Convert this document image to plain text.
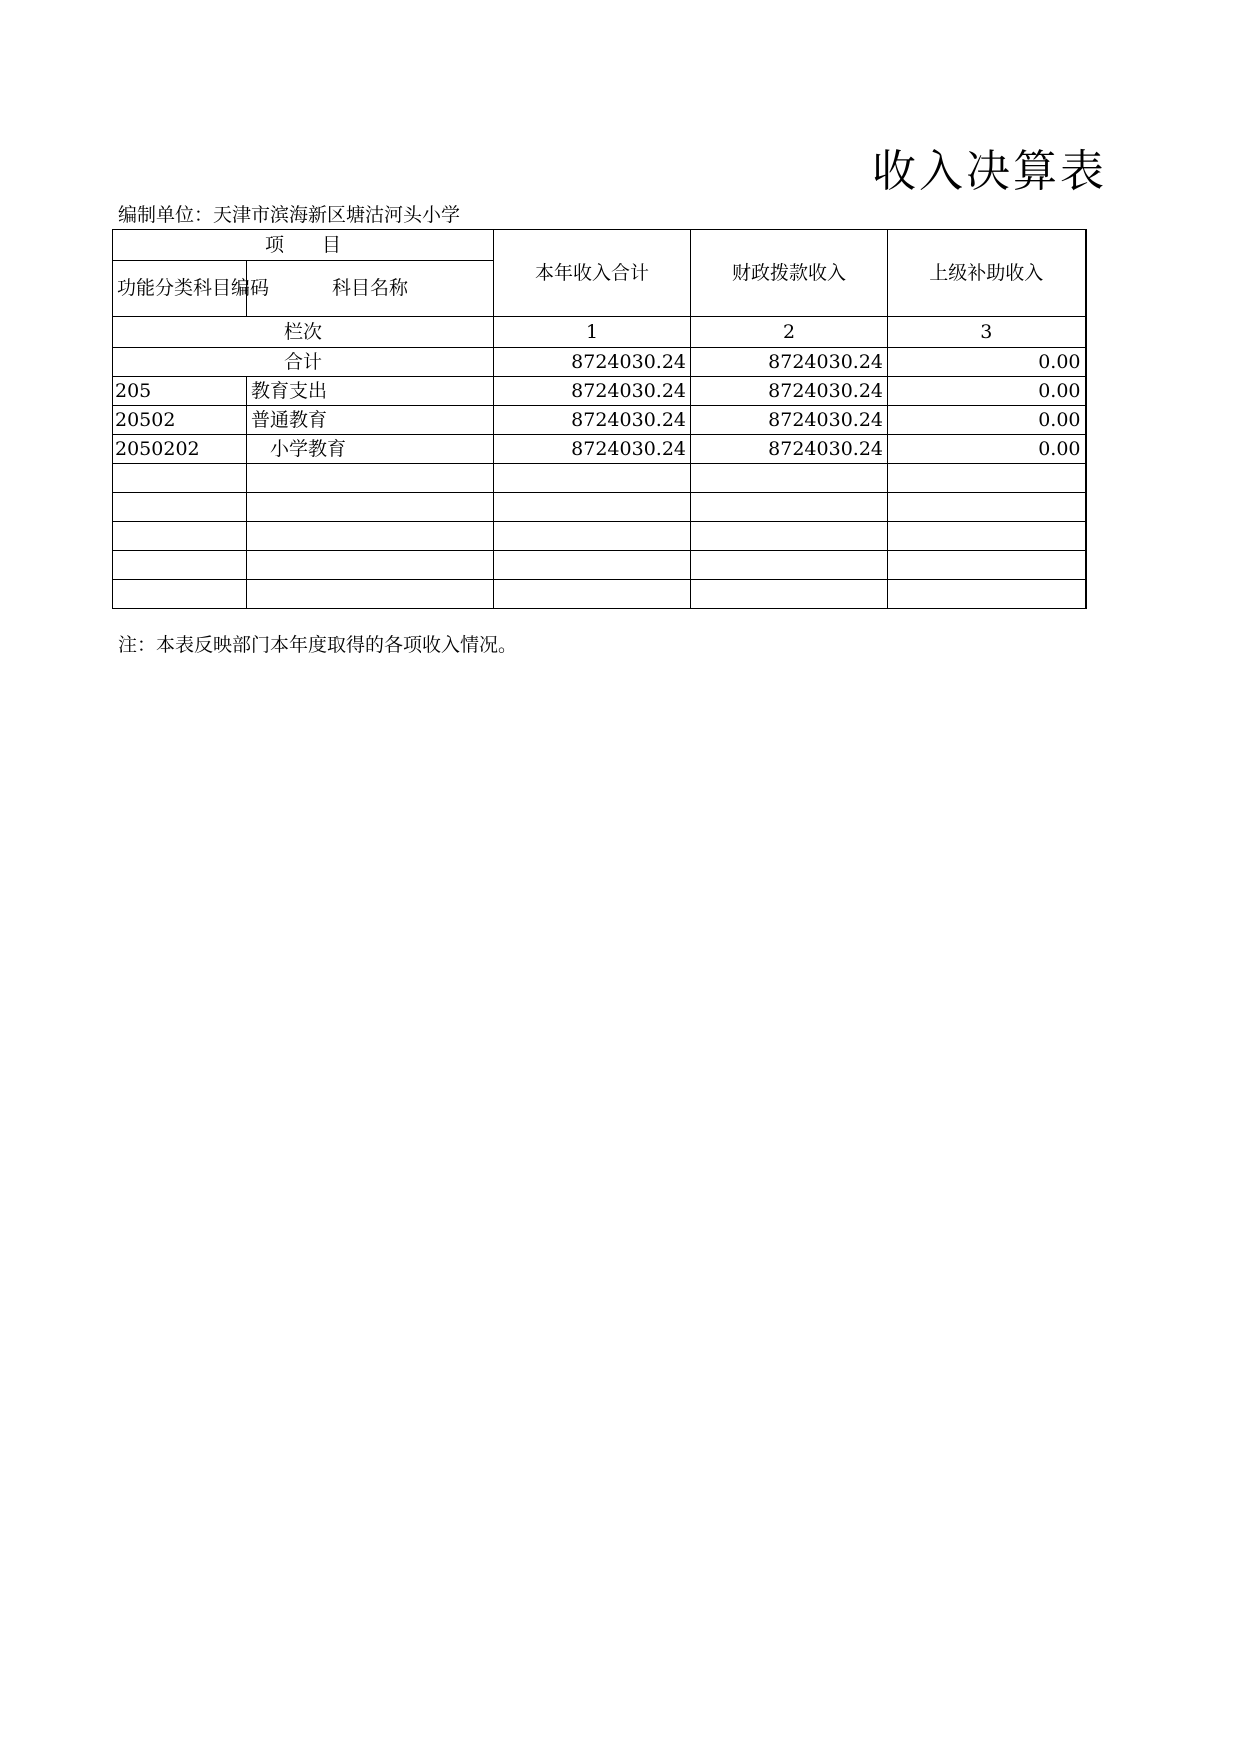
收入决算表
编制单位：天津市滨海新区塘沽河头小学
项　　目		本年收入合计	财政拨款收入	上级补助收入
功能分类科目编码	科目名称			
栏次		1	2	3
合计		8724030.24	8724030.24	0.00
205	教育支出	8724030.24	8724030.24	0.00
20502	普通教育	8724030.24	8724030.24	0.00
2050202	　小学教育	8724030.24	8724030.24	0.00

注：本表反映部门本年度取得的各项收入情况。
